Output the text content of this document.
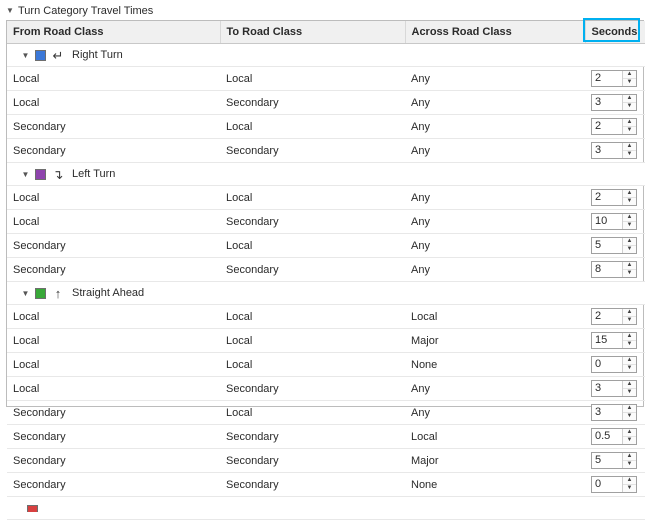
▼ Turn Category Travel Times
From Road Class	To Road Class	Across Road Class	Seconds

▼ ↵ Right Turn			

Local	Local	Any	2 ▲
▼

Local	Secondary	Any	3 ▲
▼

Secondary	Local	Any	2 ▲
▼

Secondary	Secondary	Any	3 ▲
▼

▼ ↴ Left Turn			

Local	Local	Any	2 ▲
▼

Local	Secondary	Any	10 ▲
▼

Secondary	Local	Any	5 ▲
▼

Secondary	Secondary	Any	8 ▲
▼

▼ ↑ Straight Ahead			

Local	Local	Local	2 ▲
▼

Local	Local	Major	15 ▲
▼

Local	Local	None	0 ▲
▼

Local	Secondary	Any	3 ▲
▼

Secondary	Local	Any	3 ▲
▼

Secondary	Secondary	Local	0.5 ▲
▼

Secondary	Secondary	Major	5 ▲
▼

Secondary	Secondary	None	0 ▲
▼
